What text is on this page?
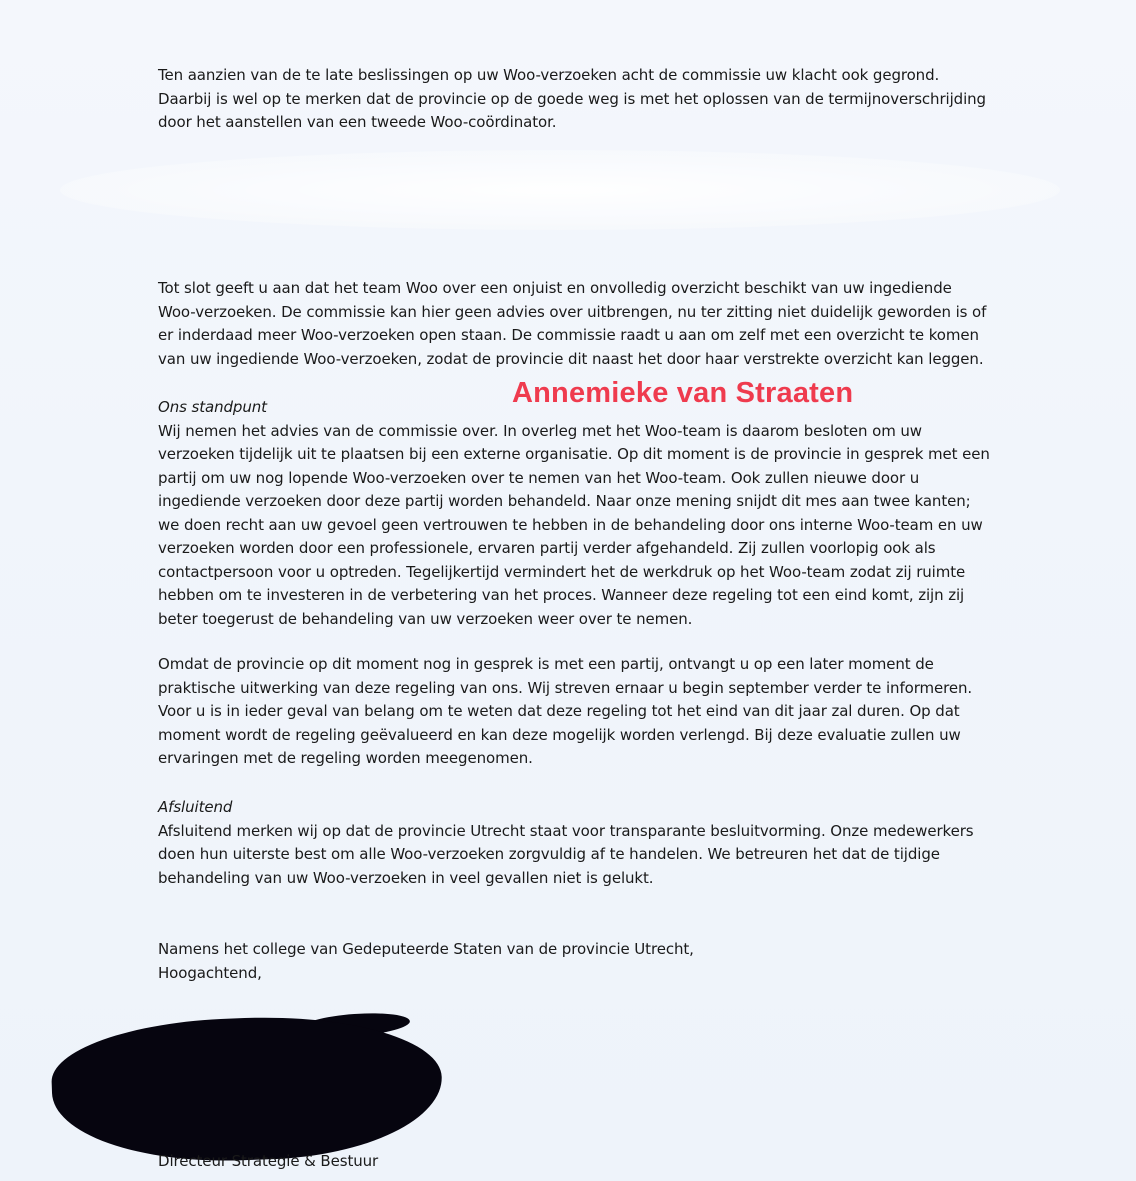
Ten aanzien van de te late beslissingen op uw Woo-verzoeken acht de commissie uw klacht ook gegrond.
Daarbij is wel op te merken dat de provincie op de goede weg is met het oplossen van de termijnoverschrijding
door het aanstellen van een tweede Woo-coördinator.
Tot slot geeft u aan dat het team Woo over een onjuist en onvolledig overzicht beschikt van uw ingediende
Woo-verzoeken. De commissie kan hier geen advies over uitbrengen, nu ter zitting niet duidelijk geworden is of
er inderdaad meer Woo-verzoeken open staan. De commissie raadt u aan om zelf met een overzicht te komen
van uw ingediende Woo-verzoeken, zodat de provincie dit naast het door haar verstrekte overzicht kan leggen.
Ons standpunt
Wij nemen het advies van de commissie over. In overleg met het Woo-team is daarom besloten om uw
verzoeken tijdelijk uit te plaatsen bij een externe organisatie. Op dit moment is de provincie in gesprek met een
partij om uw nog lopende Woo-verzoeken over te nemen van het Woo-team. Ook zullen nieuwe door u
ingediende verzoeken door deze partij worden behandeld. Naar onze mening snijdt dit mes aan twee kanten;
we doen recht aan uw gevoel geen vertrouwen te hebben in de behandeling door ons interne Woo-team en uw
verzoeken worden door een professionele, ervaren partij verder afgehandeld. Zij zullen voorlopig ook als
contactpersoon voor u optreden. Tegelijkertijd vermindert het de werkdruk op het Woo-team zodat zij ruimte
hebben om te investeren in de verbetering van het proces. Wanneer deze regeling tot een eind komt, zijn zij
beter toegerust de behandeling van uw verzoeken weer over te nemen.
Omdat de provincie op dit moment nog in gesprek is met een partij, ontvangt u op een later moment de
praktische uitwerking van deze regeling van ons. Wij streven ernaar u begin september verder te informeren.
Voor u is in ieder geval van belang om te weten dat deze regeling tot het eind van dit jaar zal duren. Op dat
moment wordt de regeling geëvalueerd en kan deze mogelijk worden verlengd. Bij deze evaluatie zullen uw
ervaringen met de regeling worden meegenomen.
Afsluitend
Afsluitend merken wij op dat de provincie Utrecht staat voor transparante besluitvorming. Onze medewerkers
doen hun uiterste best om alle Woo-verzoeken zorgvuldig af te handelen. We betreuren het dat de tijdige
behandeling van uw Woo-verzoeken in veel gevallen niet is gelukt.
Namens het college van Gedeputeerde Staten van de provincie Utrecht,
Hoogachtend,
Directeur Strategie & Bestuur
Annemieke van Straaten
